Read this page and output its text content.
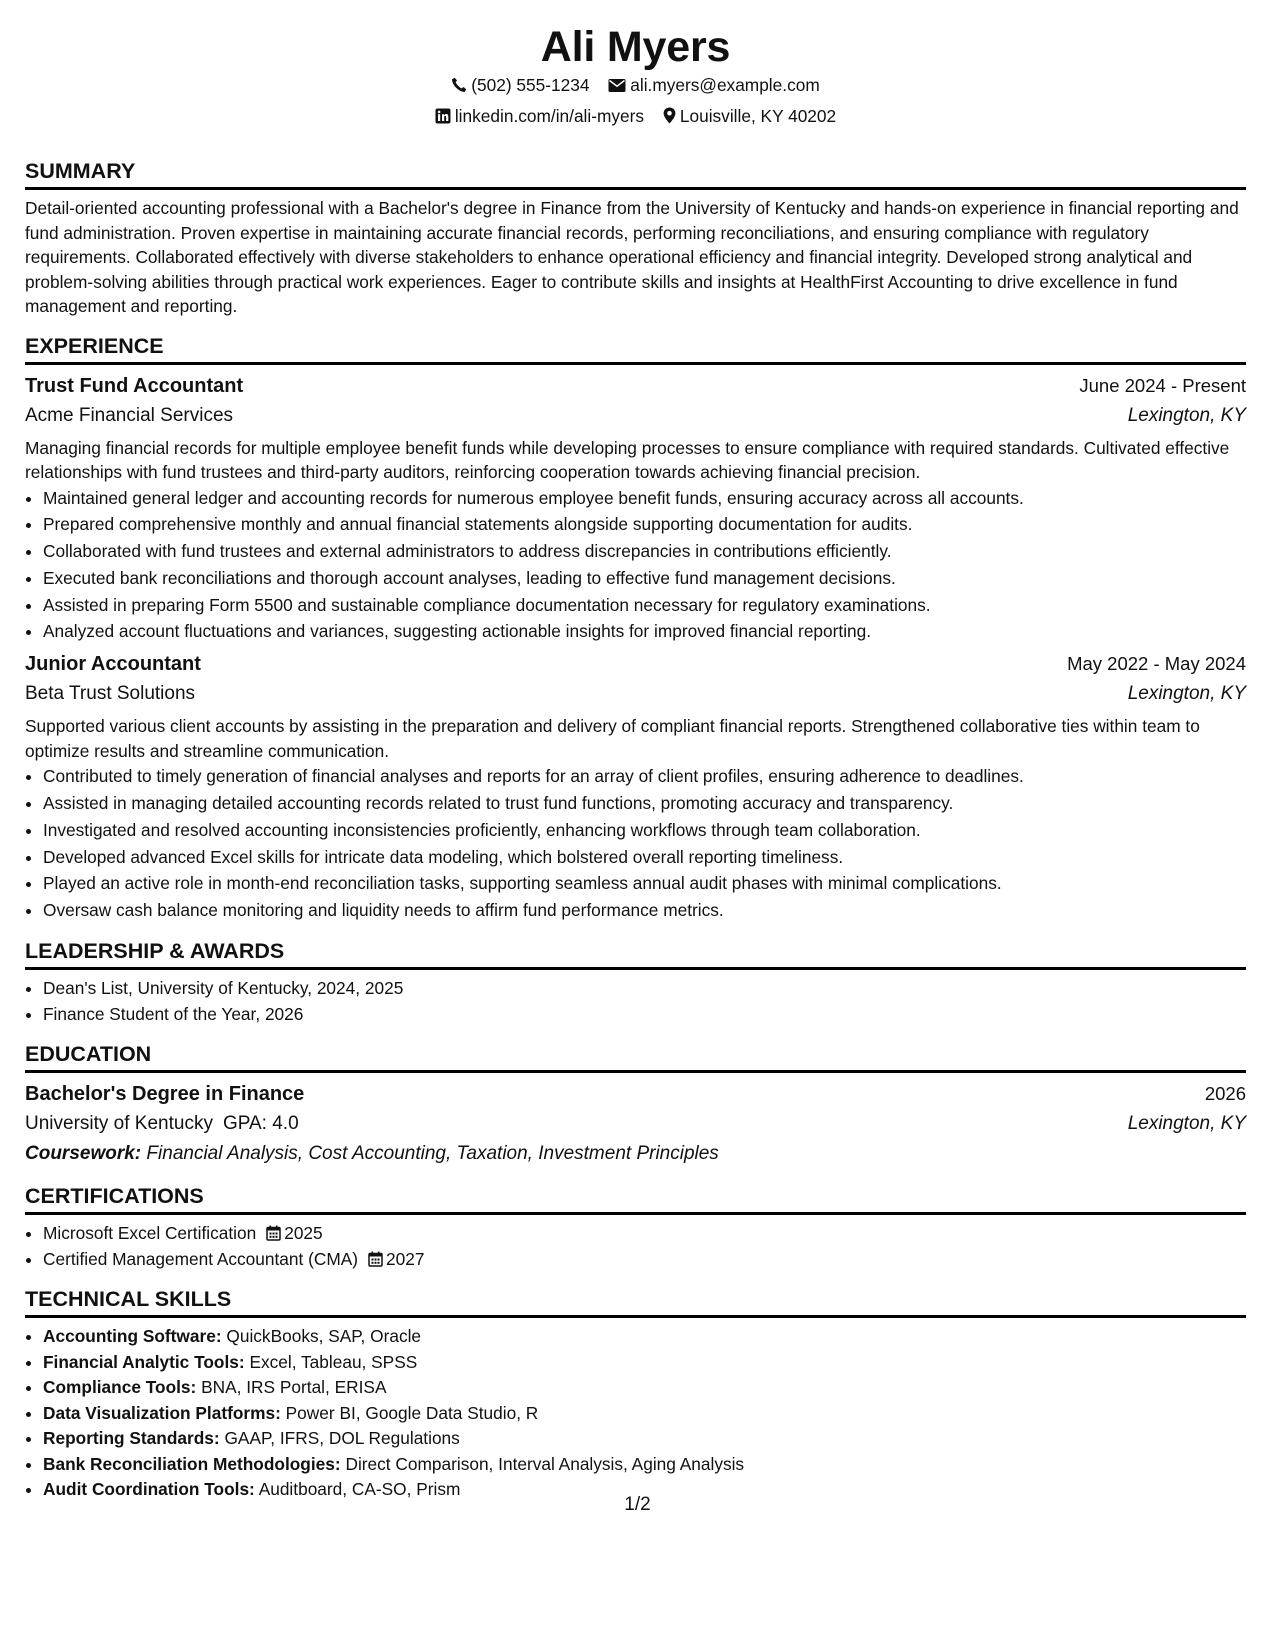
Ali Myers
(502) 555-1234 ali.myers@example.com
linkedin.com/in/ali-myers Louisville, KY 40202
SUMMARY

Detail-oriented accounting professional with a Bachelor's degree in Finance from the University of Kentucky and hands-on experience in financial reporting and fund administration. Proven expertise in maintaining accurate financial records, performing reconciliations, and ensuring compliance with regulatory requirements. Collaborated effectively with diverse stakeholders to enhance operational efficiency and financial integrity. Developed strong analytical and problem-solving abilities through practical work experiences. Eager to contribute skills and insights at HealthFirst Accounting to drive excellence in fund management and reporting.

EXPERIENCE
Trust Fund Accountant	June 2024 - Present
Acme Financial Services	Lexington, KY
Managing financial records for multiple employee benefit funds while developing processes to ensure compliance with required standards. Cultivated effective relationships with fund trustees and third-party auditors, reinforcing cooperation towards achieving financial precision.
• Maintained general ledger and accounting records for numerous employee benefit funds, ensuring accuracy across all accounts.
• Prepared comprehensive monthly and annual financial statements alongside supporting documentation for audits.
• Collaborated with fund trustees and external administrators to address discrepancies in contributions efficiently.
• Executed bank reconciliations and thorough account analyses, leading to effective fund management decisions.
• Assisted in preparing Form 5500 and sustainable compliance documentation necessary for regulatory examinations.
• Analyzed account fluctuations and variances, suggesting actionable insights for improved financial reporting.
Junior Accountant	May 2022 - May 2024
Beta Trust Solutions	Lexington, KY
Supported various client accounts by assisting in the preparation and delivery of compliant financial reports. Strengthened collaborative ties within team to optimize results and streamline communication.
• Contributed to timely generation of financial analyses and reports for an array of client profiles, ensuring adherence to deadlines.
• Assisted in managing detailed accounting records related to trust fund functions, promoting accuracy and transparency.
• Investigated and resolved accounting inconsistencies proficiently, enhancing workflows through team collaboration.
• Developed advanced Excel skills for intricate data modeling, which bolstered overall reporting timeliness.
• Played an active role in month-end reconciliation tasks, supporting seamless annual audit phases with minimal complications.
• Oversaw cash balance monitoring and liquidity needs to affirm fund performance metrics.
LEADERSHIP & AWARDS
• Dean's List, University of Kentucky, 2024, 2025
• Finance Student of the Year, 2026
EDUCATION
Bachelor's Degree in Finance	2026
University of Kentucky GPA: 4.0	Lexington, KY
Coursework: Financial Analysis, Cost Accounting, Taxation, Investment Principles
CERTIFICATIONS
• Microsoft Excel Certification 2025
• Certified Management Accountant (CMA) 2027
TECHNICAL SKILLS
• Accounting Software: QuickBooks, SAP, Oracle
• Financial Analytic Tools: Excel, Tableau, SPSS
• Compliance Tools: BNA, IRS Portal, ERISA
• Data Visualization Platforms: Power BI, Google Data Studio, R
• Reporting Standards: GAAP, IFRS, DOL Regulations
• Bank Reconciliation Methodologies: Direct Comparison, Interval Analysis, Aging Analysis
• Audit Coordination Tools: Auditboard, CA-SO, Prism
1/2
